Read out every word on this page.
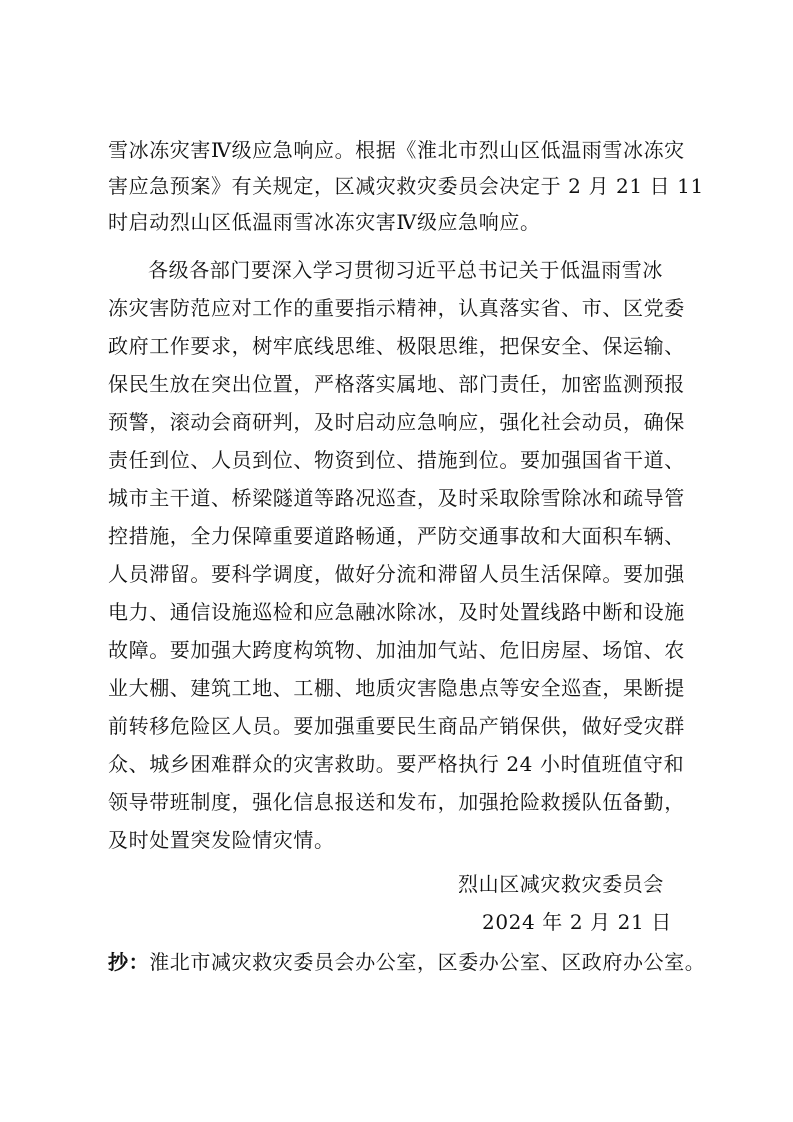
雪冰冻灾害Ⅳ级应急响应。根据《淮北市烈山区低温雨雪冰冻灾
害应急预案》有关规定，区减灾救灾委员会决定于 2 月 21 日 11
时启动烈山区低温雨雪冰冻灾害Ⅳ级应急响应。
各级各部门要深入学习贯彻习近平总书记关于低温雨雪冰
冻灾害防范应对工作的重要指示精神，认真落实省、市、区党委
政府工作要求，树牢底线思维、极限思维，把保安全、保运输、
保民生放在突出位置，严格落实属地、部门责任，加密监测预报
预警，滚动会商研判，及时启动应急响应，强化社会动员，确保
责任到位、人员到位、物资到位、措施到位。要加强国省干道、
城市主干道、桥梁隧道等路况巡查，及时采取除雪除冰和疏导管
控措施，全力保障重要道路畅通，严防交通事故和大面积车辆、
人员滞留。要科学调度，做好分流和滞留人员生活保障。要加强
电力、通信设施巡检和应急融冰除冰，及时处置线路中断和设施
故障。要加强大跨度构筑物、加油加气站、危旧房屋、场馆、农
业大棚、建筑工地、工棚、地质灾害隐患点等安全巡查，果断提
前转移危险区人员。要加强重要民生商品产销保供，做好受灾群
众、城乡困难群众的灾害救助。要严格执行 24 小时值班值守和
领导带班制度，强化信息报送和发布，加强抢险救援队伍备勤，
及时处置突发险情灾情。
烈山区减灾救灾委员会
2024 年 2 月 21 日
抄：淮北市减灾救灾委员会办公室，区委办公室、区政府办公室。
